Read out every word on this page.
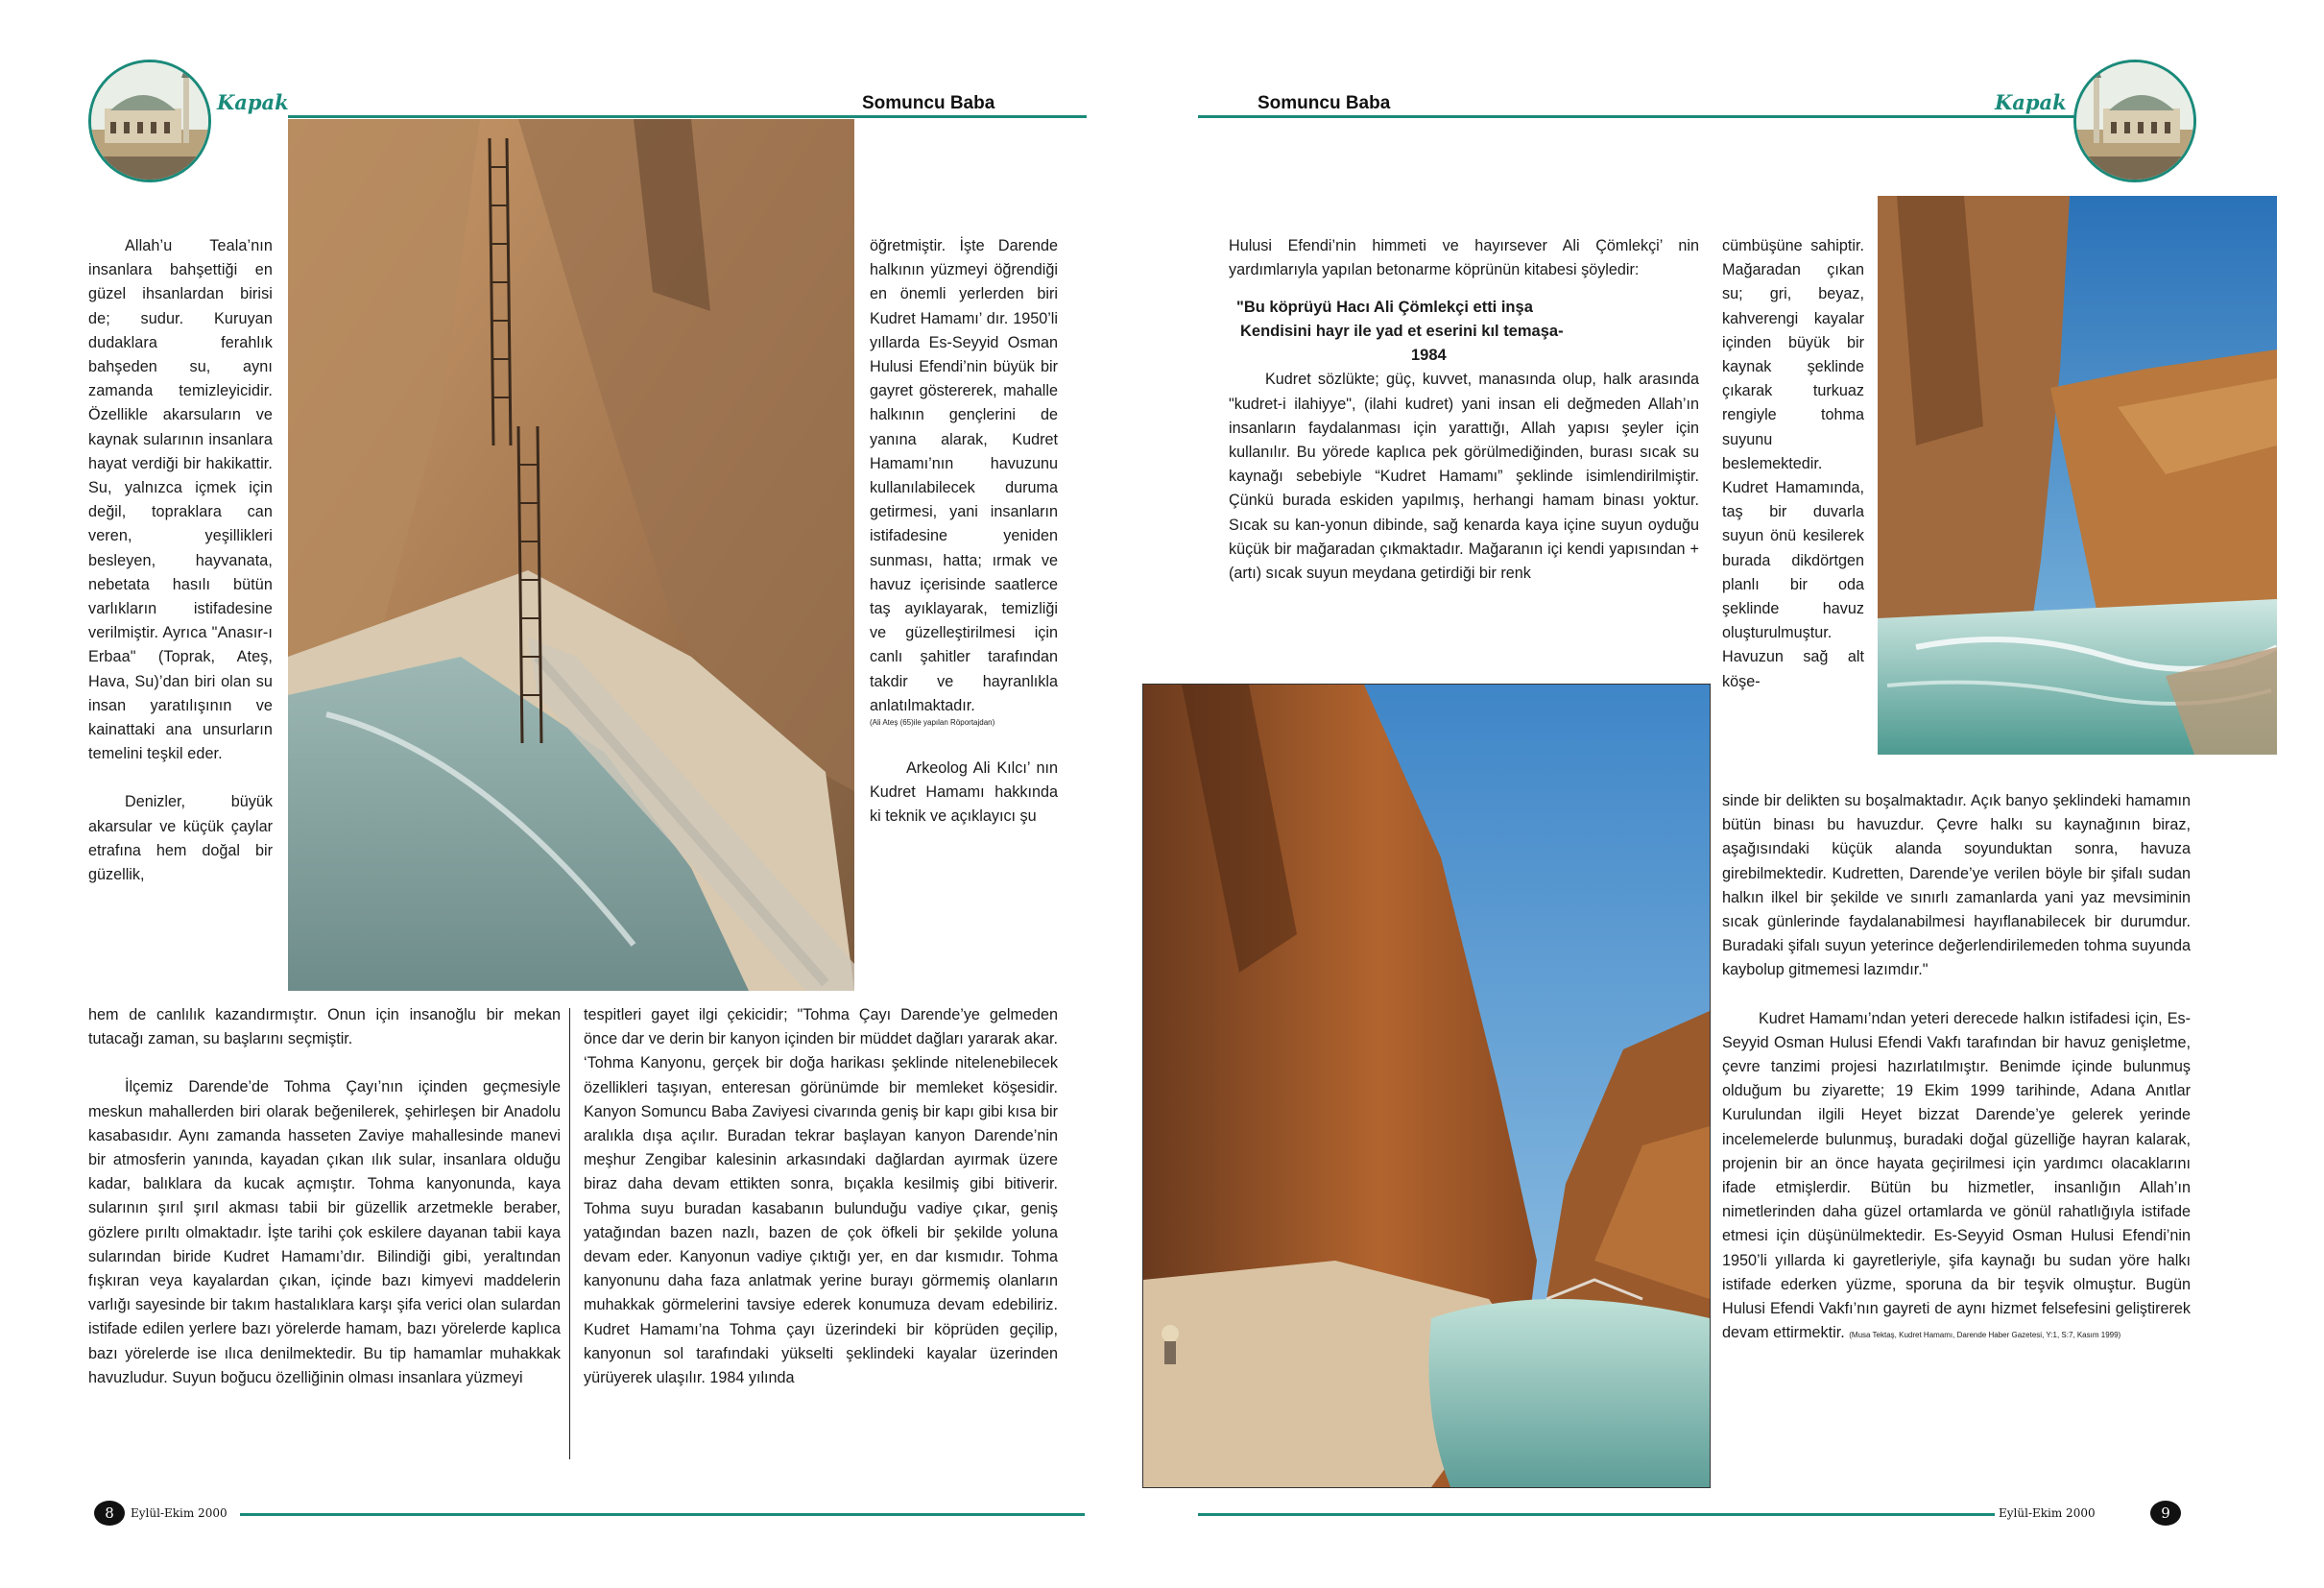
Kapak	Somuncu Baba

Allah’u Teala’nın insanlara bahşettiği en güzel ihsanlardan birisi de; sudur. Kuruyan dudaklara ferahlık bahşeden su, aynı zamanda temizleyicidir. Özellikle akarsuların ve kaynak sularının insanlara hayat verdiği bir hakikattir. Su, yalnızca içmek için değil, topraklara can veren, yeşillikleri besleyen, hayvanata, nebetata hasılı bütün varlıkların istifadesine verilmiştir. Ayrıca "Anasır-ı Erbaa" (Toprak, Ateş, Hava, Su)’dan biri olan su insan yaratılışının ve kainattaki ana unsurların temelini teşkil eder.

Denizler, büyük akarsular ve küçük çaylar etrafına hem doğal bir güzellik,

hem de canlılık kazandırmıştır. Onun için insanoğlu bir mekan tutacağı zaman, su başlarını seçmiştir.

İlçemiz Darende’de Tohma Çayı’nın içinden geçmesiyle meskun mahallerden biri olarak beğenilerek, şehirleşen bir Anadolu kasabasıdır. Aynı zamanda hasseten Zaviye mahallesinde manevi bir atmosferin yanında, kayadan çıkan ılık sular, insanlara olduğu kadar, balıklara da kucak açmıştır. Tohma kanyonunda, kaya sularının şırıl şırıl akması tabii bir güzellik arzetmekle beraber, gözlere pırıltı olmaktadır. İşte tarihi çok eskilere dayanan tabii kaya sularından biride Kudret Hamamı’dır. Bilindiği gibi, yeraltından fışkıran veya kayalardan çıkan, içinde bazı kimyevi maddelerin varlığı sayesinde bir takım hastalıklara karşı şifa verici olan sulardan istifade edilen yerlere bazı yörelerde hamam, bazı yörelerde kaplıca bazı yörelerde ise ılıca denilmektedir. Bu tip hamamlar muhakkak havuzludur. Suyun boğucu özelliğinin olması insanlara yüzmeyi

öğretmiştir. İşte Darende halkının yüzmeyi öğrendiği en önemli yerlerden biri Kudret Hamamı’ dır. 1950’li yıllarda Es-Seyyid Osman Hulusi Efendi’nin büyük bir gayret göstererek, mahalle halkının gençlerini de yanına alarak, Kudret Hamamı’nın havuzunu kullanılabilecek duruma getirmesi, yani insanların istifadesine yeniden sunması, hatta; ırmak ve havuz içerisinde saatlerce taş ayıklayarak, temizliği ve güzelleştirilmesi için canlı şahitler tarafından takdir ve hayranlıkla anlatılmaktadır.

(Ali Ateş (65)ile yapılan Röportajdan)

Arkeolog Ali Kılcı’ nın Kudret Hamamı hakkında ki teknik ve açıklayıcı şu

tespitleri gayet ilgi çekicidir; "Tohma Çayı Darende’ye gelmeden önce dar ve derin bir kanyon içinden bir müddet dağları yararak akar. ‘Tohma Kanyonu, gerçek bir doğa harikası şeklinde nitelenebilecek özellikleri taşıyan, enteresan görünümde bir memleket köşesidir. Kanyon Somuncu Baba Zaviyesi civarında geniş bir kapı gibi kısa bir aralıkla dışa açılır. Buradan tekrar başlayan kanyon Darende’nin meşhur Zengibar kalesinin arkasındaki dağlardan ayırmak üzere biraz daha devam ettikten sonra, bıçakla kesilmiş gibi bitiverir. Tohma suyu buradan kasabanın bulunduğu vadiye çıkar, geniş yatağından bazen nazlı, bazen de çok öfkeli bir şekilde yoluna devam eder. Kanyonun vadiye çıktığı yer, en dar kısmıdır. Tohma kanyonunu daha faza anlatmak yerine burayı görmemiş olanların muhakkak görmelerini tavsiye ederek konumuza devam edebiliriz. Kudret Hamamı’na Tohma çayı üzerindeki bir köprüden geçilip, kanyonun sol tarafındaki yükselti şeklindeki kayalar üzerinden yürüyerek ulaşılır. 1984 yılında

8	Eylül-Ekim 2000
Somuncu Baba	Kapak

Hulusi Efendi’nin himmeti ve hayırsever Ali Çömlekçi’ nin yardımlarıyla yapılan betonarme köprünün kitabesi şöyledir:

"Bu köprüyü Hacı Ali Çömlekçi etti inşa
Kendisini hayr ile yad et eserini kıl temaşa-
1984

Kudret sözlükte; güç, kuvvet, manasında olup, halk arasında "kudret-i ilahiyye", (ilahi kudret) yani insan eli değmeden Allah’ın insanların faydalanması için yarattığı, Allah yapısı şeyler için kullanılır. Bu yörede kaplıca pek görülmediğinden, burası sıcak su kaynağı sebebiyle “Kudret Hamamı” şeklinde isimlendirilmiştir. Çünkü burada eskiden yapılmış, herhangi hamam binası yoktur. Sıcak su kan-yonun dibinde, sağ kenarda kaya içine suyun oyduğu küçük bir mağaradan çıkmaktadır. Mağaranın içi kendi yapısından + (artı) sıcak suyun meydana getirdiği bir renk

cümbüşüne sahiptir. Mağaradan çıkan su; gri, beyaz, kahverengi kayalar içinden büyük bir kaynak şeklinde çıkarak turkuaz rengiyle tohma suyunu beslemektedir. Kudret Hamamında, taş bir duvarla suyun önü kesilerek burada dikdörtgen planlı bir oda şeklinde havuz oluşturulmuştur. Havuzun sağ alt köşe-

sinde bir delikten su boşalmaktadır. Açık banyo şeklindeki hamamın bütün binası bu havuzdur. Çevre halkı su kaynağının biraz, aşağısındaki küçük alanda soyunduktan sonra, havuza girebilmektedir. Kudretten, Darende’ye verilen böyle bir şifalı sudan halkın ilkel bir şekilde ve sınırlı zamanlarda yani yaz mevsiminin sıcak günlerinde faydalanabilmesi hayıflanabilecek bir durumdur. Buradaki şifalı suyun yeterince değerlendirilemeden tohma suyunda kaybolup gitmemesi lazımdır."

Kudret Hamamı’ndan yeteri derecede halkın istifadesi için, Es-Seyyid Osman Hulusi Efendi Vakfı tarafından bir havuz genişletme, çevre tanzimi projesi hazırlatılmıştır. Benimde içinde bulunmuş olduğum bu ziyarette; 19 Ekim 1999 tarihinde, Adana Anıtlar Kurulundan ilgili Heyet bizzat Darende’ye gelerek yerinde incelemelerde bulunmuş, buradaki doğal güzelliğe hayran kalarak, projenin bir an önce hayata geçirilmesi için yardımcı olacaklarını ifade etmişlerdir. Bütün bu hizmetler, insanlığın Allah’ın nimetlerinden daha güzel ortamlarda ve gönül rahatlığıyla istifade etmesi için düşünülmektedir. Es-Seyyid Osman Hulusi Efendi’nin 1950’li yıllarda ki gayretleriyle, şifa kaynağı bu sudan yöre halkı istifade ederken yüzme, sporuna da bir teşvik olmuştur. Bugün Hulusi Efendi Vakfı’nın gayreti de aynı hizmet felsefesini geliştirerek devam ettirmektir. (Musa Tektaş, Kudret Hamamı, Darende Haber Gazetesi, Y:1, S:7, Kasım 1999)

Eylül-Ekim 2000	9
